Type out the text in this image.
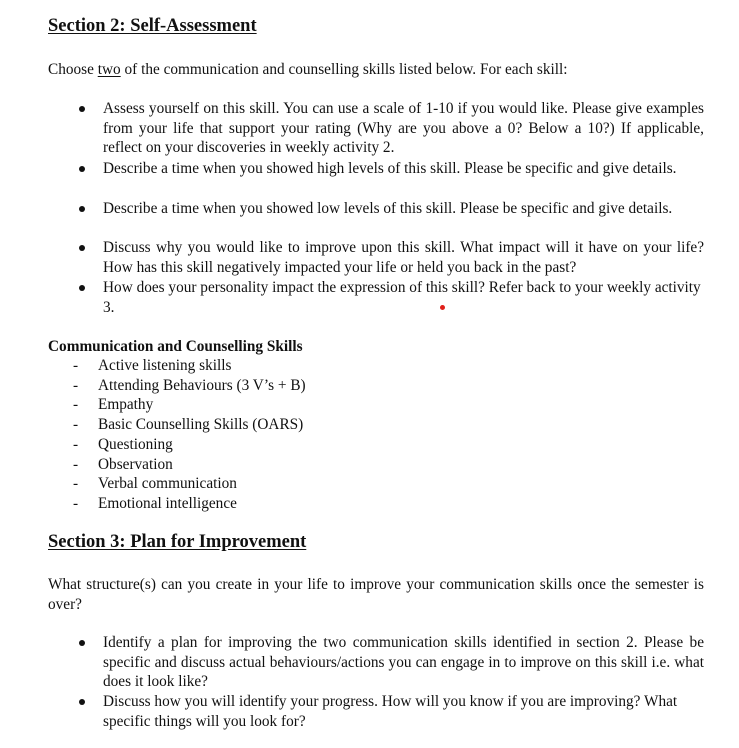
Section 2: Self-Assessment
Choose two of the communication and counselling skills listed below. For each skill:
Assess yourself on this skill. You can use a scale of 1-10 if you would like. Please give examples from your life that support your rating (Why are you above a 0? Below a 10?) If applicable, reflect on your discoveries in weekly activity 2.
Describe a time when you showed high levels of this skill. Please be specific and give details.
Describe a time when you showed low levels of this skill. Please be specific and give details.
Discuss why you would like to improve upon this skill. What impact will it have on your life? How has this skill negatively impacted your life or held you back in the past?
How does your personality impact the expression of this skill? Refer back to your weekly activity 3.
Communication and Counselling Skills
- Active listening skills
- Attending Behaviours (3 V’s + B)
- Empathy
- Basic Counselling Skills (OARS)
- Questioning
- Observation
- Verbal communication
- Emotional intelligence
Section 3: Plan for Improvement
What structure(s) can you create in your life to improve your communication skills once the semester is over?
Identify a plan for improving the two communication skills identified in section 2. Please be specific and discuss actual behaviours/actions you can engage in to improve on this skill i.e. what does it look like?
Discuss how you will identify your progress. How will you know if you are improving? What specific things will you look for?
